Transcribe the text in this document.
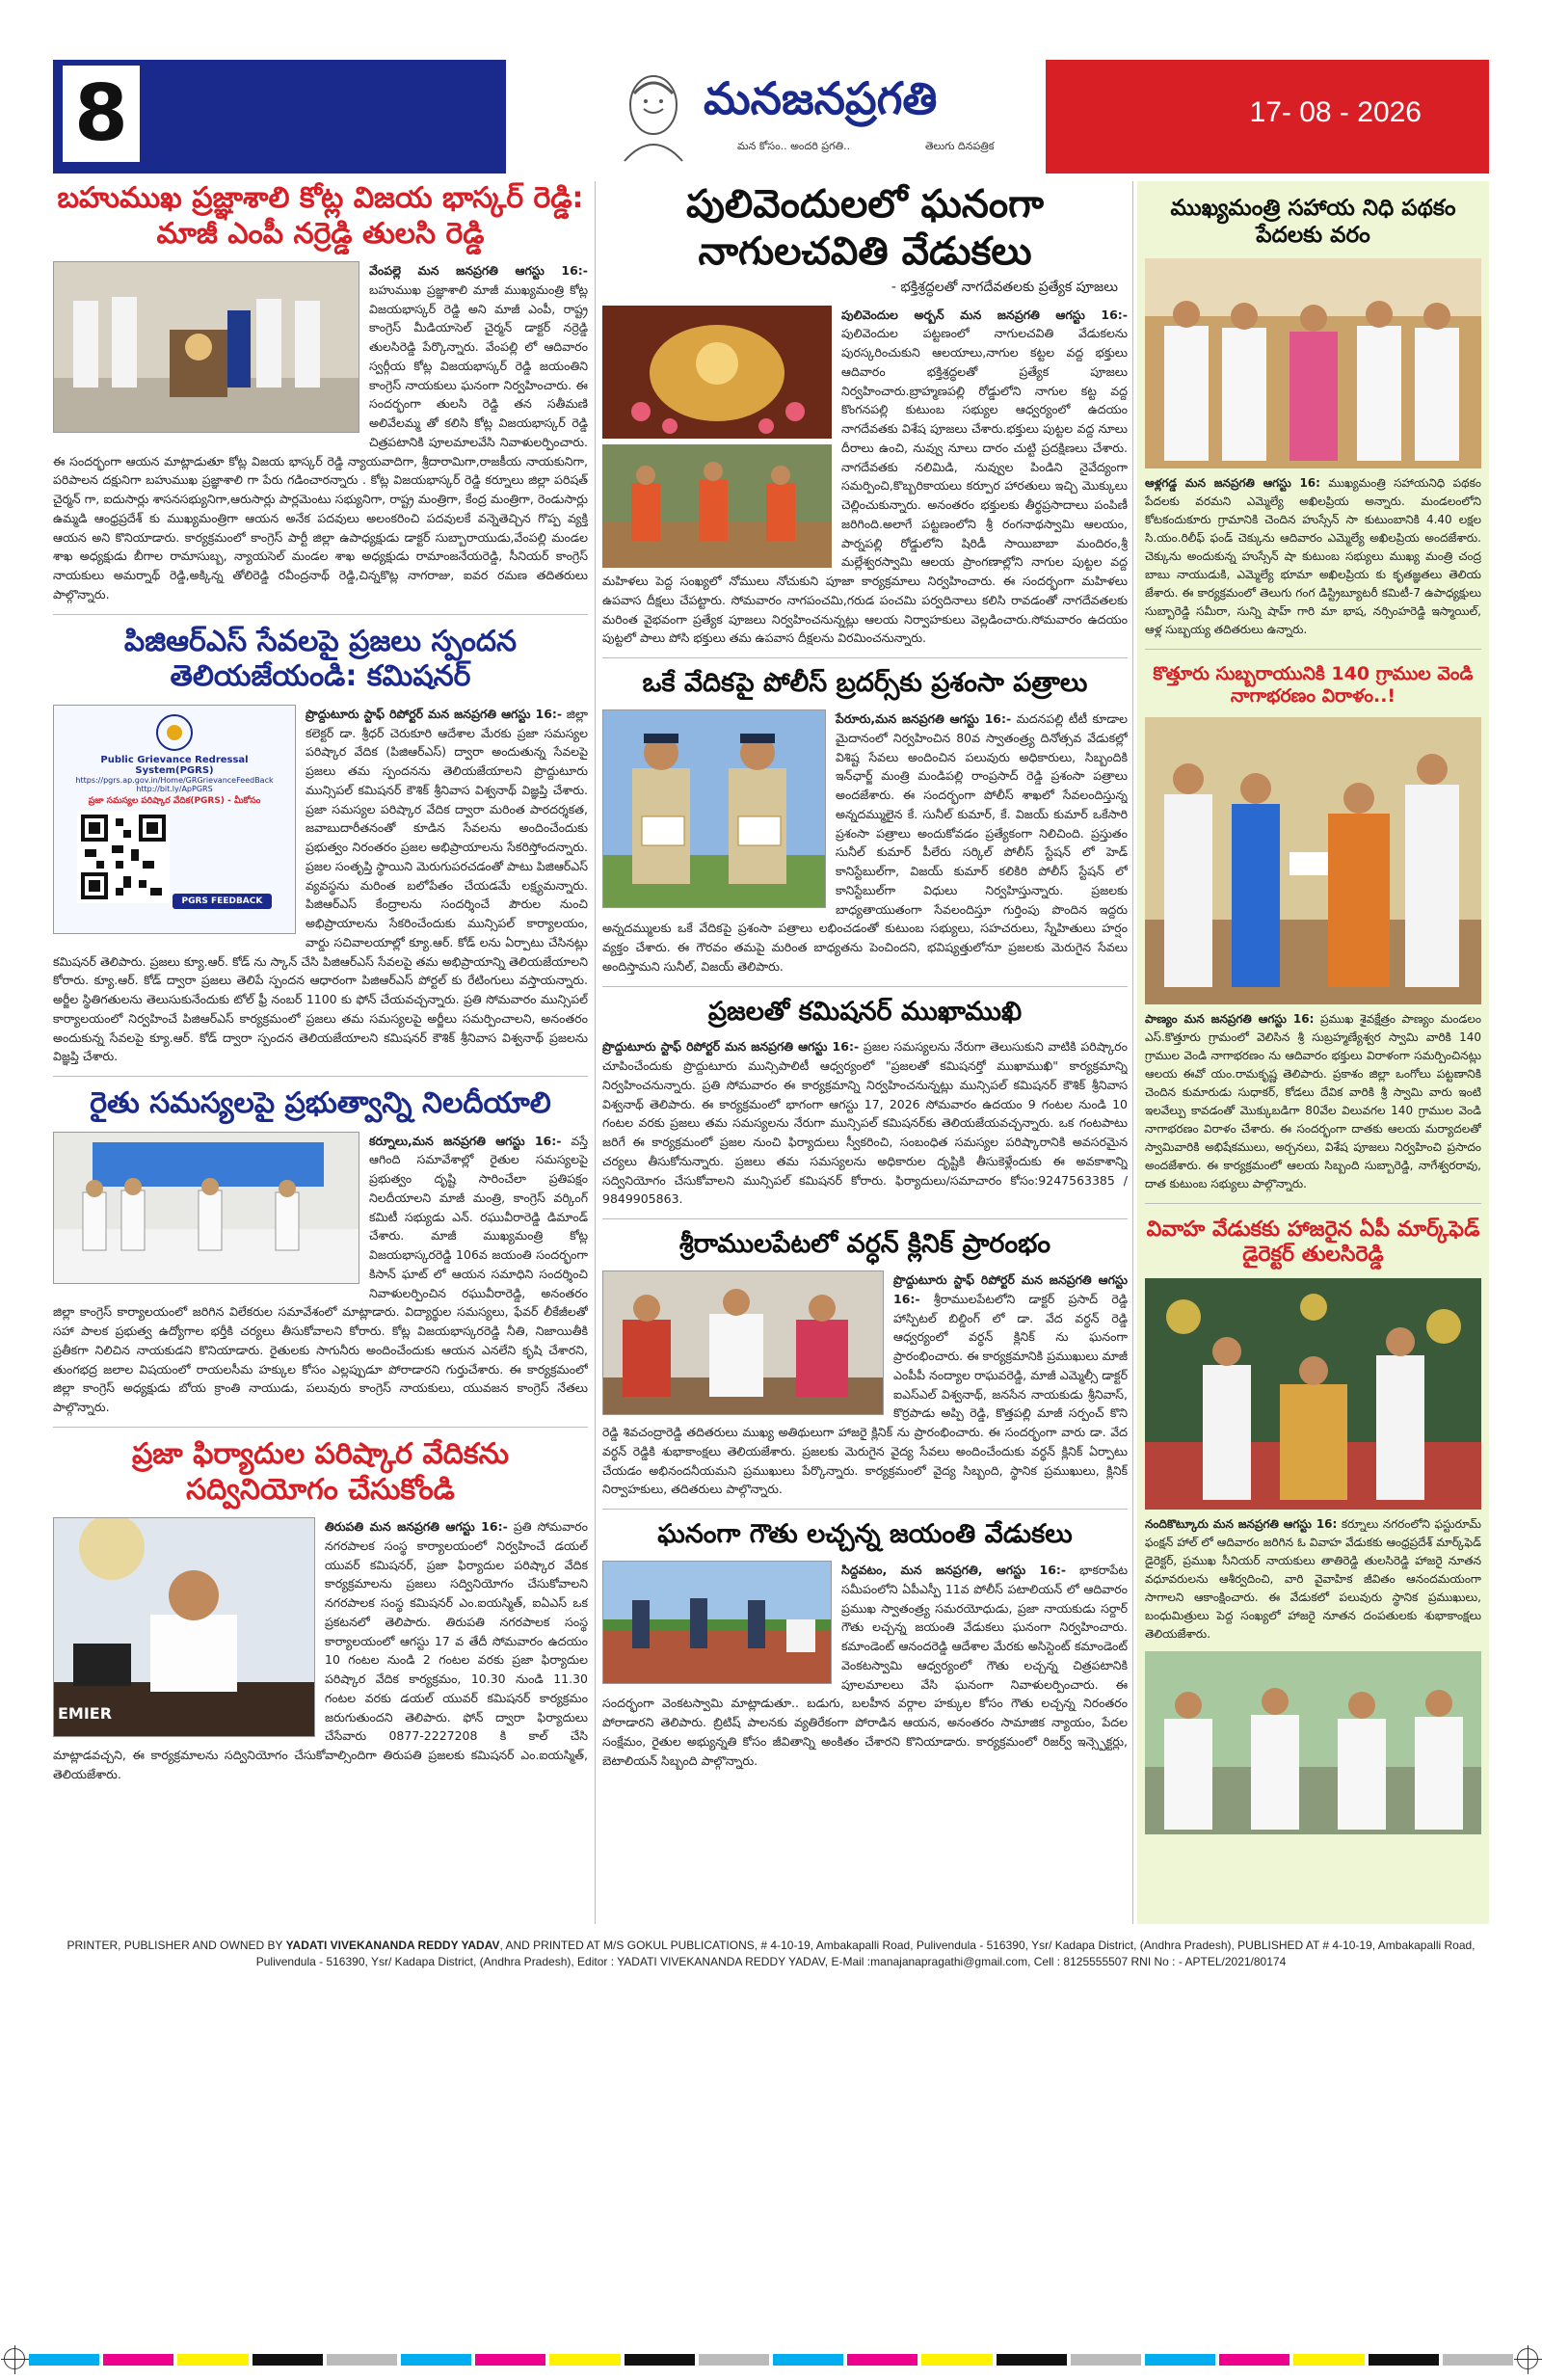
8	మనజనప్రగతి
మన కోసం.. అందరి ప్రగతి..	తెలుగు దినపత్రిక
17- 08 - 2026
బహుముఖ ప్రజ్ఞాశాలి కోట్ల విజయ భాస్కర్ రెడ్డి: మాజీ ఎంపీ నర్రెడ్డి తులసి రెడ్డి
వేంపల్లె మన జనప్రగతి ఆగస్టు 16:- బహుముఖ ప్రజ్ఞాశాలి మాజీ ముఖ్యమంత్రి కోట్ల విజయభాస్కర్ రెడ్డి అని మాజీ ఎంపీ, రాష్ట్ర కాంగ్రెస్ మీడియాసెల్ చైర్మన్ డాక్టర్ నర్రెడ్డి తులసిరెడ్డి పేర్కొన్నారు. వేంపల్లి లో ఆదివారం స్వర్గీయ కోట్ల విజయభాస్కర్ రెడ్డి జయంతిని కాంగ్రెస్ నాయకులు ఘనంగా నిర్వహించారు. ఈ సందర్భంగా తులసి రెడ్డి తన సతీమణి అలివేలమ్మ తో కలిసి కోట్ల విజయభాస్కర్ రెడ్డి చిత్రపటానికి పూలమాలవేసి నివాళులర్పించారు. ఈ సందర్భంగా ఆయన మాట్లాడుతూ కోట్ల విజయ భాస్కర్ రెడ్డి న్యాయవాదిగా, శ్రీదారామిగా,రాజకీయ నాయకునిగా, పరిపాలన దక్షునిగా బహుముఖ ప్రజ్ఞాశాలి గా పేరు గడించారన్నారు . కోట్ల విజయభాస్కర్ రెడ్డి కర్నూలు జిల్లా పరిషత్ చైర్మన్ గా, ఐదుసార్లు శాసనసభ్యునిగా,ఆరుసార్లు పార్లమెంటు సభ్యునిగా, రాష్ట్ర మంత్రిగా, కేంద్ర మంత్రిగా, రెండుసార్లు ఉమ్మడి ఆంధ్రప్రదేశ్ కు ముఖ్యమంత్రిగా ఆయన అనేక పదవులు అలంకరించి పదవులకే వన్నెతెచ్చిన గొప్ప వ్యక్తి ఆయన అని కొనియాడారు. కార్యక్రమంలో కాంగ్రెస్ పార్టీ జిల్లా ఉపాధ్యక్షుడు డాక్టర్ సుబ్బారాయుడు,వేంపల్లి మండల శాఖ అధ్యక్షుడు బీగాల రామాసుబ్బ, న్యాయసెల్ మండల శాఖ అధ్యక్షుడు రామాంజనేయరెడ్డి, సీనియర్ కాంగ్రెస్ నాయకులు అమర్నాథ్ రెడ్డి,అక్కిన్న తోలిరెడ్డి రవీంద్రనాథ్ రెడ్డి,చిన్నకొట్ల నాగరాజు, ఐవర రమణ తదితరులు పాల్గొన్నారు.
పిజిఆర్ఎస్ సేవలపై ప్రజలు స్పందన తెలియజేయండి: కమిషనర్
Public Grievance Redressal System(PGRS)
https://pgrs.ap.gov.in/Home/GRGrievanceFeedBack
http://bit.ly/ApPGRS
ప్రజా సమస్యల పరిష్కార వేదిక(PGRS) - మీకోసం
PGRS FEEDBACK
ప్రొద్దుటూరు స్టాఫ్ రిపోర్టర్ మన జనప్రగతి ఆగస్టు 16:- జిల్లా కలెక్టర్ డా. శ్రీధర్ చెరుకూరి ఆదేశాల మేరకు ప్రజా సమస్యల పరిష్కార వేదిక (పిజిఆర్ఎస్) ద్వారా అందుతున్న సేవలపై ప్రజలు తమ స్పందనను తెలియజేయాలని ప్రొద్దుటూరు మున్సిపల్ కమిషనర్ కౌశిక్ శ్రీనివాస విశ్వనాథ్ విజ్ఞప్తి చేశారు. ప్రజా సమస్యల పరిష్కార వేదిక ద్వారా మరింత పారదర్శకత, జవాబుదారీతనంతో కూడిన సేవలను అందించేందుకు ప్రభుత్వం నిరంతరం ప్రజల అభిప్రాయాలను సేకరిస్తోందన్నారు. ప్రజల సంతృప్తి స్థాయిని మెరుగుపరచడంతో పాటు పిజిఆర్ఎస్ వ్యవస్థను మరింత బలోపేతం చేయడమే లక్ష్యమన్నారు. పిజిఆర్ఎస్ కేంద్రాలను సందర్శించే పౌరుల నుంచి అభిప్రాయాలను సేకరించేందుకు మున్సిపల్ కార్యాలయం, వార్డు సచివాలయాల్లో క్యూ.ఆర్. కోడ్ లను ఏర్పాటు చేసినట్లు కమిషనర్ తెలిపారు. ప్రజలు క్యూ.ఆర్. కోడ్ ను స్కాన్ చేసి పిజిఆర్ఎస్ సేవలపై తమ అభిప్రాయాన్ని తెలియజేయాలని కోరారు. క్యూ.ఆర్. కోడ్ ద్వారా ప్రజలు తెలిపే స్పందన ఆధారంగా పిజిఆర్ఎస్ పోర్టల్ కు రేటింగులు వస్తాయన్నారు. అర్జీల స్థితిగతులను తెలుసుకునేందుకు టోల్ ఫ్రీ నంబర్ 1100 కు ఫోన్ చేయవచ్చన్నారు. ప్రతి సోమవారం మున్సిపల్ కార్యాలయంలో నిర్వహించే పిజిఆర్ఎస్ కార్యక్రమంలో ప్రజలు తమ సమస్యలపై అర్జీలు సమర్పించాలని, అనంతరం అందుకున్న సేవలపై క్యూ.ఆర్. కోడ్ ద్వారా స్పందన తెలియజేయాలని కమిషనర్ కౌశిక్ శ్రీనివాస విశ్వనాథ్ ప్రజలను విజ్ఞప్తి చేశారు.
రైతు సమస్యలపై ప్రభుత్వాన్ని నిలదీయాలి
కర్నూలు,మన జనప్రగతి ఆగస్టు 16:- వస్తే ఆగింది సమావేశాల్లో రైతుల సమస్యలపై ప్రభుత్వం దృష్టి సారించేలా ప్రతిపక్షం నిలదీయాలని మాజీ మంత్రి, కాంగ్రెస్ వర్కింగ్ కమిటీ సభ్యుడు ఎన్. రఘువీరారెడ్డి డిమాండ్ చేశారు. మాజీ ముఖ్యమంత్రి కోట్ల విజయభాస్కరరెడ్డి 106వ జయంతి సందర్భంగా కిసాన్ ఘాట్ లో ఆయన సమాధిని సందర్శించి నివాళులర్పించిన రఘువీరారెడ్డి, అనంతరం జిల్లా కాంగ్రెస్ కార్యాలయంలో జరిగిన విలేకరుల సమావేశంలో మాట్లాడారు. విద్యార్థుల సమస్యలు, ఫేవర్ లీకేజీలతో సహా పాలక ప్రభుత్వ ఉద్యోగాల భర్తీకి చర్యలు తీసుకోవాలని కోరారు. కోట్ల విజయభాస్కరరెడ్డి నీతి, నిజాయితీకి ప్రతీకగా నిలిచిన నాయకుడని కొనియాడారు. రైతులకు సాగునీరు అందించేందుకు ఆయన ఎనలేని కృషి చేశారని, తుంగభద్ర జలాల విషయంలో రాయలసీమ హక్కుల కోసం ఎల్లప్పుడూ పోరాడారని గుర్తుచేశారు. ఈ కార్యక్రమంలో జిల్లా కాంగ్రెస్ అధ్యక్షుడు బోయ క్రాంతి నాయుడు, పలువురు కాంగ్రెస్ నాయకులు, యువజన కాంగ్రెస్ నేతలు పాల్గొన్నారు.
ప్రజా ఫిర్యాదుల పరిష్కార వేదికను సద్వినియోగం చేసుకోండి
EMIER
తిరుపతి మన జనప్రగతి ఆగస్టు 16:- ప్రతి సోమవారం నగరపాలక సంస్థ కార్యాలయంలో నిర్వహించే డయల్ యువర్ కమిషనర్, ప్రజా ఫిర్యాదుల పరిష్కార వేదిక కార్యక్రమాలను ప్రజలు సద్వినియోగం చేసుకోవాలని నగరపాలక సంస్థ కమిషనర్ ఎం.ఐయస్మిత్, ఐఏఎస్ ఒక ప్రకటనలో తెలిపారు. తిరుపతి నగరపాలక సంస్థ కార్యాలయంలో ఆగస్టు 17 వ తేదీ సోమవారం ఉదయం 10 గంటల నుండి 2 గంటల వరకు ప్రజా ఫిర్యాదుల పరిష్కార వేదిక కార్యక్రమం, 10.30 నుండి 11.30 గంటల వరకు డయల్ యువర్ కమిషనర్ కార్యక్రమం జరుగుతుందని తెలిపారు. ఫోన్ ద్వారా ఫిర్యాదులు చేసేవారు 0877-2227208 కి కాల్ చేసి మాట్లాడవచ్చని, ఈ కార్యక్రమాలను సద్వినియోగం చేసుకోవాల్సిందిగా తిరుపతి ప్రజలకు కమిషనర్ ఎం.ఐయస్మిత్, తెలియజేశారు.
పులివెందులలో ఘనంగా నాగులచవితి వేడుకలు
- భక్తిశ్రద్ధలతో నాగదేవతలకు ప్రత్యేక పూజలు
పులివెందుల అర్బన్ మన జనప్రగతి ఆగస్టు 16:- పులివెందుల పట్టణంలో నాగులచవితి వేడుకలను పురస్కరించుకుని ఆలయాలు,నాగుల కట్టల వద్ద భక్తులు ఆదివారం భక్తిశ్రద్ధలతో ప్రత్యేక పూజలు నిర్వహించారు.బ్రాహ్మణపల్లి రోడ్డులోని నాగుల కట్ట వద్ద కొంగనపల్లి కుటుంబ సభ్యుల ఆధ్వర్యంలో ఉదయం నాగదేవతకు విశేష పూజలు చేశారు.భక్తులు పుట్టల వద్ద నూలు దీరాలు ఉంచి, నువ్వు నూలు దారం చుట్టి ప్రదక్షిణలు చేశారు. నాగదేవతకు నలిమిడి, నువ్వుల పిండిని నైవేద్యంగా సమర్పించి,కొబ్బరికాయలు కర్పూర హారతులు ఇచ్చి మొక్కులు చెల్లించుకున్నారు. అనంతరం భక్తులకు తీర్థప్రసాదాలు పంపిణీ జరిగింది.అలాగే పట్టణంలోని శ్రీ రంగనాథస్వామి ఆలయం, పార్నపల్లి రోడ్డులోని షిరిడీ సాయిబాబా మందిరం,శ్రీ మల్లేశ్వరస్వామి ఆలయ ప్రాంగణాల్లోని నాగుల పుట్టల వద్ద మహిళలు పెద్ద సంఖ్యలో నోములు నోచుకుని పూజా కార్యక్రమాలు నిర్వహించారు. ఈ సందర్భంగా మహిళలు ఉపవాస దీక్షలు చేపట్టారు. సోమవారం నాగపంచమి,గరుడ పంచమి పర్వదినాలు కలిసి రావడంతో నాగదేవతలకు మరింత వైభవంగా ప్రత్యేక పూజలు నిర్వహించనున్నట్లు ఆలయ నిర్వాహకులు వెల్లడించారు.సోమవారం ఉదయం పుట్టలో పాలు పోసి భక్తులు తమ ఉపవాస దీక్షలను విరమించనున్నారు.
ఒకే వేదికపై పోలీస్ బ్రదర్స్‌కు ప్రశంసా పత్రాలు
పేరూరు,మన జనప్రగతి ఆగస్టు 16:- మదనపల్లి టీటీ కూడాల మైదానంలో నిర్వహించిన 80వ స్వాతంత్ర్య దినోత్సవ వేడుకల్లో విశిష్ట సేవలు అందించిన పలువురు అధికారులు, సిబ్బందికి ఇన్‌ఛార్జ్ మంత్రి మండిపల్లి రాంప్రసాద్ రెడ్డి ప్రశంసా పత్రాలు అందజేశారు. ఈ సందర్భంగా పోలీస్ శాఖలో సేవలందిస్తున్న అన్నదమ్ములైన కే. సునీల్ కుమార్, కే. విజయ్ కుమార్ ఒకేసారి ప్రశంసా పత్రాలు అందుకోవడం ప్రత్యేకంగా నిలిచింది. ప్రస్తుతం సునీల్ కుమార్ పీలేరు సర్కిల్ పోలీస్ స్టేషన్ లో హెడ్ కానిస్టేబుల్‌గా, విజయ్ కుమార్ కలికిరి పోలీస్ స్టేషన్ లో కానిస్టేబుల్‌గా విధులు నిర్వహిస్తున్నారు. ప్రజలకు బాధ్యతాయుతంగా సేవలందిస్తూ గుర్తింపు పొందిన ఇద్దరు అన్నదమ్ములకు ఒకే వేదికపై ప్రశంసా పత్రాలు లభించడంతో కుటుంబ సభ్యులు, సహచరులు, స్నేహితులు హర్షం వ్యక్తం చేశారు. ఈ గౌరవం తమపై మరింత బాధ్యతను పెంచిందని, భవిష్యత్తులోనూ ప్రజలకు మెరుగైన సేవలు అందిస్తామని సునీల్, విజయ్ తెలిపారు.
ప్రజలతో కమిషనర్ ముఖాముఖి
ప్రొద్దుటూరు స్టాఫ్ రిపోర్టర్ మన జనప్రగతి ఆగస్టు 16:- ప్రజల సమస్యలను నేరుగా తెలుసుకుని వాటికి పరిష్కారం చూపించేందుకు ప్రొద్దుటూరు మున్సిపాలిటీ ఆధ్వర్యంలో "ప్రజలతో కమిషనర్తో ముఖాముఖి" కార్యక్రమాన్ని నిర్వహించనున్నారు. ప్రతి సోమవారం ఈ కార్యక్రమాన్ని నిర్వహించనున్నట్లు మున్సిపల్ కమిషనర్ కౌశిక్ శ్రీనివాస విశ్వనాథ్ తెలిపారు. ఈ కార్యక్రమంలో భాగంగా ఆగస్టు 17, 2026 సోమవారం ఉదయం 9 గంటల నుండి 10 గంటల వరకు ప్రజలు తమ సమస్యలను నేరుగా మున్సిపల్ కమిషనర్‌కు తెలియజేయవచ్చన్నారు. ఒక గంటపాటు జరిగే ఈ కార్యక్రమంలో ప్రజల నుంచి ఫిర్యాదులు స్వీకరించి, సంబంధిత సమస్యల పరిష్కారానికి అవసరమైన చర్యలు తీసుకోనున్నారు. ప్రజలు తమ సమస్యలను అధికారుల దృష్టికి తీసుకెళ్లేందుకు ఈ అవకాశాన్ని సద్వినియోగం చేసుకోవాలని మున్సిపల్ కమిషనర్ కోరారు. ఫిర్యాదులు/సమాచారం కోసం:9247563385 / 9849905863.
శ్రీరాములపేటలో వర్ధన్ క్లినిక్ ప్రారంభం
ప్రొద్దుటూరు స్టాఫ్ రిపోర్టర్ మన జనప్రగతి ఆగస్టు 16:- శ్రీరాములపేటలోని డాక్టర్ ప్రసాద్ రెడ్డి హాస్పిటల్ బిల్డింగ్ లో డా. వేద వర్ధన్ రెడ్డి ఆధ్వర్యంలో వర్ధన్ క్లినిక్ ను ఘనంగా ప్రారంభించారు. ఈ కార్యక్రమానికి ప్రముఖులు మాజీ ఎంపీపీ నంద్యాల రాఘవరెడ్డి, మాజీ ఎమ్మెల్సీ డాక్టర్ ఐఎస్ఎల్ విశ్వనాథ్, జనసేన నాయకుడు శ్రీనివాస్, కొర్రపాడు అప్పి రెడ్డి, కొత్తపల్లి మాజీ సర్పంచ్ కొని రెడ్డి శివచంద్రారెడ్డి తదితరులు ముఖ్య అతిథులుగా హాజరై క్లినిక్ ను ప్రారంభించారు. ఈ సందర్భంగా వారు డా. వేద వర్ధన్ రెడ్డికి శుభాకాంక్షలు తెలియజేశారు. ప్రజలకు మెరుగైన వైద్య సేవలు అందించేందుకు వర్ధన్ క్లినిక్ ఏర్పాటు చేయడం అభినందనీయమని ప్రముఖులు పేర్కొన్నారు. కార్యక్రమంలో వైద్య సిబ్బంది, స్థానిక ప్రముఖులు, క్లినిక్ నిర్వాహకులు, తదితరులు పాల్గొన్నారు.
ఘనంగా గౌతు లచ్చన్న జయంతి వేడుకలు
సిద్దవటం, మన జనప్రగతి, ఆగస్టు 16:- భాకరాపేట సమీపంలోని ఏపీఎస్పీ 11వ పోలీస్ పటాలియన్ లో ఆదివారం ప్రముఖ స్వాతంత్ర్య సమరయోధుడు, ప్రజా నాయకుడు సర్దార్ గౌతు లచ్చన్న జయంతి వేడుకలు ఘనంగా నిర్వహించారు. కమాండెంట్ ఆనందరెడ్డి ఆదేశాల మేరకు అసిస్టెంట్ కమాండెంట్ వెంకటస్వామి ఆధ్వర్యంలో గౌతు లచ్చన్న చిత్రపటానికి పూలమాలలు వేసి ఘనంగా నివాళులర్పించారు. ఈ సందర్భంగా వెంకటస్వామి మాట్లాడుతూ.. బడుగు, బలహీన వర్గాల హక్కుల కోసం గౌతు లచ్చన్న నిరంతరం పోరాడారని తెలిపారు. బ్రిటిష్ పాలనకు వ్యతిరేకంగా పోరాడిన ఆయన, అనంతరం సామాజిక న్యాయం, పేదల సంక్షేమం, రైతుల అభ్యున్నతి కోసం జీవితాన్ని అంకితం చేశారని కొనియాడారు. కార్యక్రమంలో రిజర్వ్ ఇన్స్పెక్టర్లు, బెటాలియన్ సిబ్బంది పాల్గొన్నారు.
ముఖ్యమంత్రి సహాయ నిధి పథకం పేదలకు వరం
ఆళ్లగడ్డ మన జనప్రగతి ఆగస్టు 16: ముఖ్యమంత్రి సహాయనిధి పథకం పేదలకు వరమని ఎమ్మెల్యే అఖిలప్రియ అన్నారు. మండలంలోని కోటకందుకూరు గ్రామానికి చెందిన హుస్సేన్ సా కుటుంబానికి 4.40 లక్షల సి.యం.రిలీఫ్ ఫండ్ చెక్కును ఆదివారం ఎమ్మెల్యే అఖిలప్రియ అందజేశారు. చెక్కును అందుకున్న హుస్సేన్ షా కుటుంబ సభ్యులు ముఖ్య మంత్రి చంద్ర బాబు నాయుడుకి, ఎమ్మెల్యే భూమా అఖిలప్రియ కు కృతజ్ఞతలు తెలియ జేశారు. ఈ కార్యక్రమంలో తెలుగు గంగ డిస్ట్రిబ్యూటరీ కమిటీ-7 ఉపాధ్యక్షులు సుబ్బారెడ్డి సమీరా, సున్ని షాహ్ గారి మా భాష, నర్సింహరెడ్డి ఇస్మాయిల్, ఆళ్ల సుబ్బయ్య తదితరులు ఉన్నారు.
కొత్తూరు సుబ్బరాయునికి 140 గ్రాముల వెండి నాగాభరణం విరాళం..!
పాణ్యం మన జనప్రగతి ఆగస్టు 16: ప్రముఖ శైవక్షేత్రం పాణ్యం మండలం ఎస్.కొత్తూరు గ్రామంలో వెలిసిన శ్రీ సుబ్రహ్మణ్యేశ్వర స్వామి వారికి 140 గ్రాముల వెండి నాగాభరణం ను ఆదివారం భక్తులు విరాళంగా సమర్పించినట్లు ఆలయ ఈవో యం.రామకృష్ణ తెలిపారు. ప్రకాశం జిల్లా ఒంగోలు పట్టణానికి చెందిన కుమారుడు సుధాకర్, కోడలు దేవిక వారికి శ్రీ స్వామి వారు ఇంటి ఇలవేల్పు కావడంతో మొక్కుబడిగా 80వేల విలువగల 140 గ్రాముల వెండి నాగాభరణం విరాళం చేశారు. ఈ సందర్భంగా దాతకు ఆలయ మర్యాదలతో స్వామివారికి అభిషేకములు, అర్చనలు, విశేష పూజలు నిర్వహించి ప్రసాదం అందజేశారు. ఈ కార్యక్రమంలో ఆలయ సిబ్బంది సుబ్బారెడ్డి, నాగేశ్వరరావు, దాత కుటుంబ సభ్యులు పాల్గొన్నారు.
వివాహ వేడుకకు హాజరైన ఏపీ మార్క్‌ఫెడ్ డైరెక్టర్ తులసిరెడ్డి
నందికొట్కూరు మన జనప్రగతి ఆగస్టు 16: కర్నూలు నగరంలోని ఫస్టురూమ్ ఫంక్షన్ హాల్ లో ఆదివారం జరిగిన ఓ వివాహ వేడుకకు ఆంధ్రప్రదేశ్ మార్క్‌ఫెడ్ డైరెక్టర్, ప్రముఖ సీనియర్ నాయకులు తాతిరెడ్డి తులసిరెడ్డి హాజరై నూతన వధూవరులను ఆశీర్వదించి, వారి వైవాహిక జీవితం ఆనందమయంగా సాగాలని ఆకాంక్షించారు. ఈ వేడుకలో పలువురు స్థానిక ప్రముఖులు, బంధుమిత్రులు పెద్ద సంఖ్యలో హాజరై నూతన దంపతులకు శుభాకాంక్షలు తెలియజేశారు.
PRINTER, PUBLISHER AND OWNED BY YADATI VIVEKANANDA REDDY YADAV, AND PRINTED AT M/S GOKUL PUBLICATIONS, # 4-10-19, Ambakapalli Road, Pulivendula - 516390, Ysr/ Kadapa District, (Andhra Pradesh), PUBLISHED AT # 4-10-19, Ambakapalli Road, Pulivendula - 516390, Ysr/ Kadapa District, (Andhra Pradesh), Editor : YADATI VIVEKANANDA REDDY YADAV, E-Mail :manajanapragathi@gmail.com, Cell : 8125555507 RNI No : - APTEL/2021/80174
